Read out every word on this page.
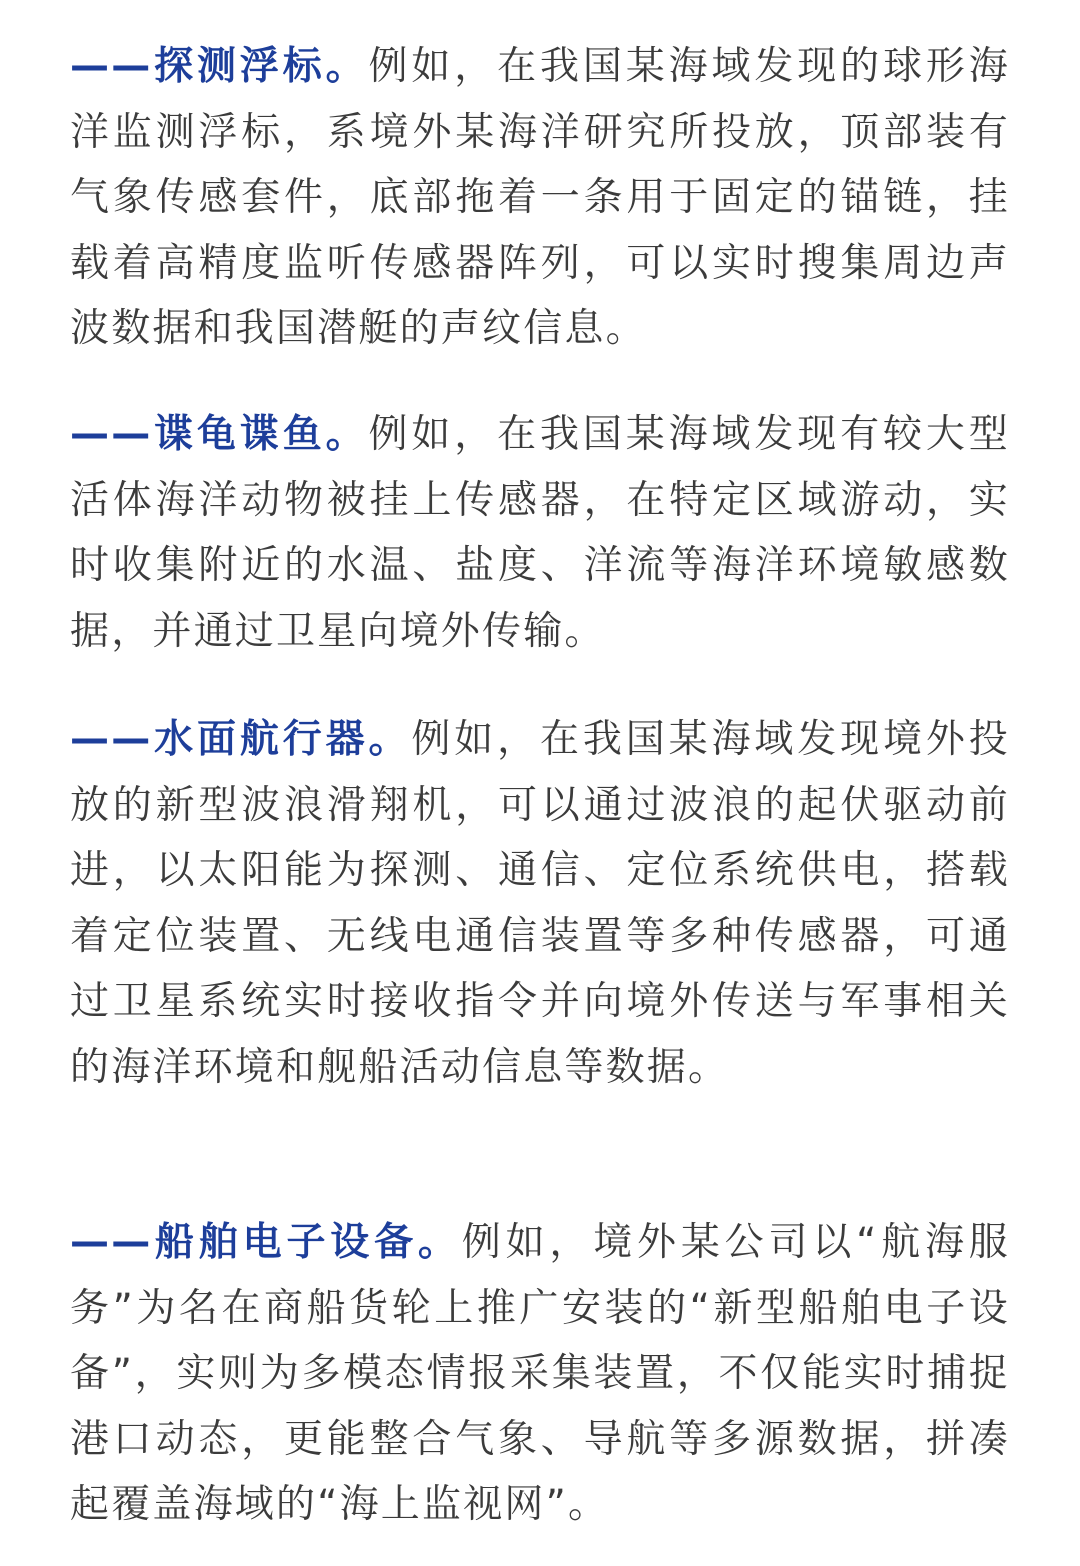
——探测浮标。例如，在我国某海域发现的球形海洋监测浮标，系境外某海洋研究所投放，顶部装有气象传感套件，底部拖着一条用于固定的锚链，挂载着高精度监听传感器阵列，可以实时搜集周边声波数据和我国潜艇的声纹信息。

——谍龟谍鱼。例如，在我国某海域发现有较大型活体海洋动物被挂上传感器，在特定区域游动，实时收集附近的水温、盐度、洋流等海洋环境敏感数据，并通过卫星向境外传输。

——水面航行器。例如，在我国某海域发现境外投放的新型波浪滑翔机，可以通过波浪的起伏驱动前进，以太阳能为探测、通信、定位系统供电，搭载着定位装置、无线电通信装置等多种传感器，可通过卫星系统实时接收指令并向境外传送与军事相关的海洋环境和舰船活动信息等数据。

——船舶电子设备。例如，境外某公司以“航海服务”为名在商船货轮上推广安装的“新型船舶电子设备”，实则为多模态情报采集装置，不仅能实时捕捉港口动态，更能整合气象、导航等多源数据，拼凑起覆盖海域的“海上监视网”。
